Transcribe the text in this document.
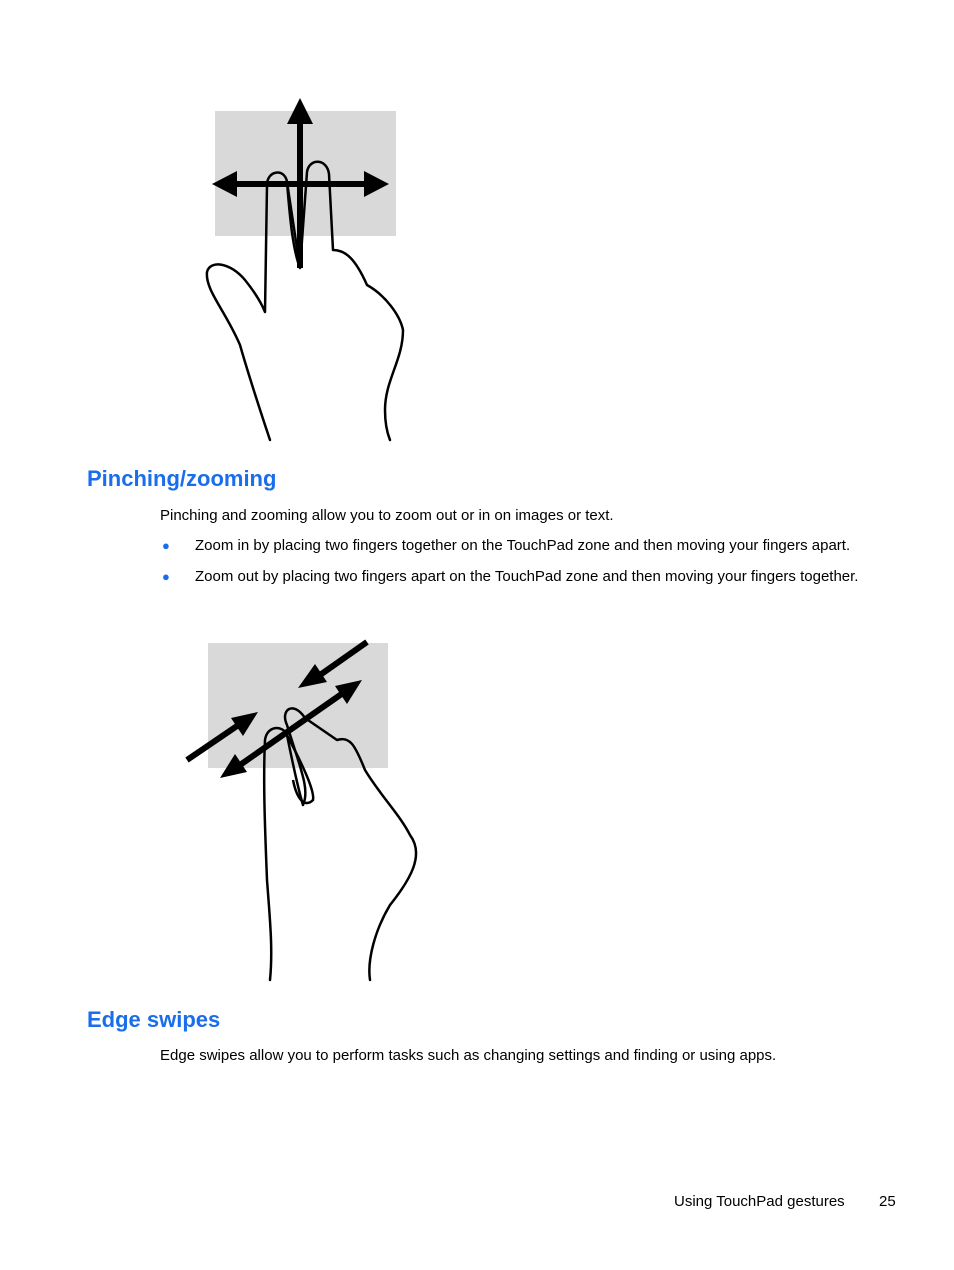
Pinching/zooming

Pinching and zooming allow you to zoom out or in on images or text.

● Zoom in by placing two fingers together on the TouchPad zone and then moving your fingers apart.
● Zoom out by placing two fingers apart on the TouchPad zone and then moving your fingers together.
Edge swipes

Edge swipes allow you to perform tasks such as changing settings and finding or using apps.

Using TouchPad gestures 25
